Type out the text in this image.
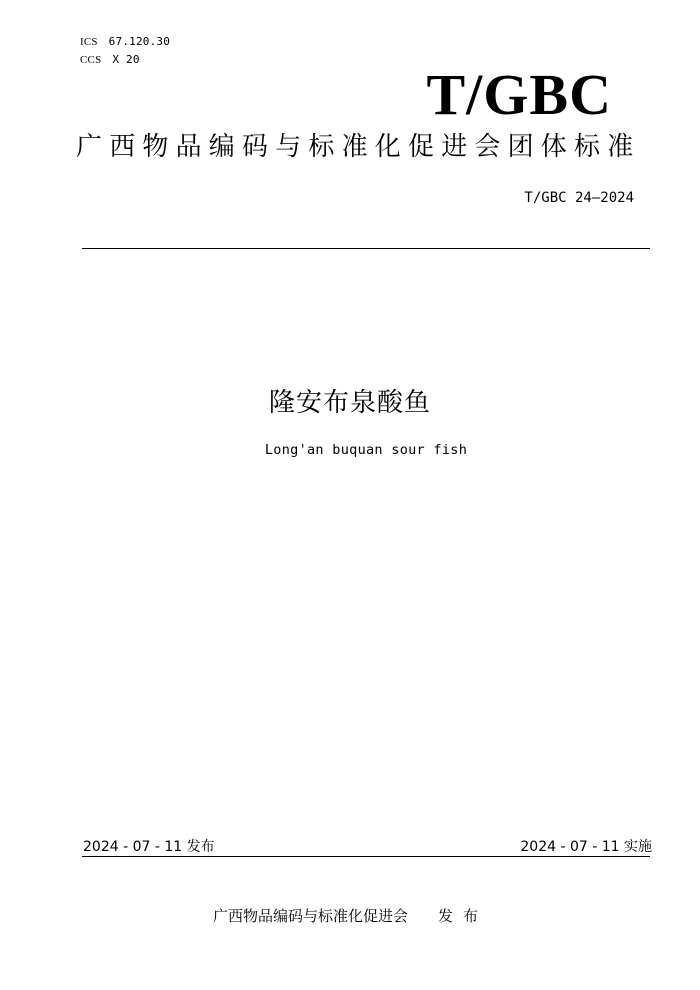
ICS 67.120.30
CCS X 20
T/GBC
广西物品编码与标准化促进会团体标准
T/GBC 24—2024
隆安布泉酸鱼
Long'an buquan sour fish
2024 - 07 - 11 发布	2024 - 07 - 11 实施
广西物品编码与标准化促进会 发布
